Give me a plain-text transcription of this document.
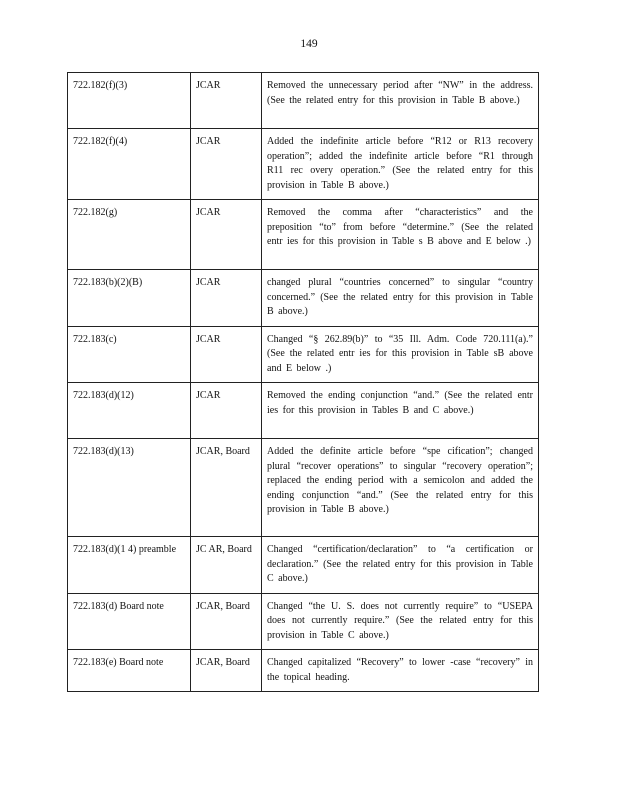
149
722.182(f)(3)	JCAR	Removed the unnecessary period after “NW” in the address. (See the related entry for this provision in Table B above.)
722.182(f)(4)	JCAR	Added the indefinite article before “R12 or R13 recovery operation”; added the indefinite article before “R1 through R11 rec overy operation.” (See the related entry for this provision in Table B above.)
722.182(g)	JCAR	Removed the comma after “characteristics” and the preposition “to” from before “determine.” (See the related entr ies for this provision in Table s B above and E below .)
722.183(b)(2)(B)	JCAR	changed plural “countries concerned” to singular “country concerned.” (See the related entry for this provision in Table B above.)
722.183(c)	JCAR	Changed “§ 262.89(b)” to “35 Ill. Adm. Code 720.111(a).” (See the related entr ies for this provision in Table sB above and E below .)
722.183(d)(12)	JCAR	Removed the ending conjunction “and.” (See the related entr ies for this provision in Tables B and C above.)
722.183(d)(13)	JCAR, Board	Added the definite article before “spe cification”; changed plural “recover operations” to singular “recovery operation”; replaced the ending period with a semicolon and added the ending conjunction “and.” (See the related entry for this provision in Table B above.)
722.183(d)(1 4) preamble	JC AR, Board	Changed “certification/declaration” to “a certification or declaration.” (See the related entry for this provision in Table C above.)
722.183(d) Board note	JCAR, Board	Changed “the U. S. does not currently require” to “USEPA does not currently require.” (See the related entry for this provision in Table C above.)
722.183(e) Board note	JCAR, Board	Changed capitalized “Recovery” to lower -case “recovery” in the topical heading.
